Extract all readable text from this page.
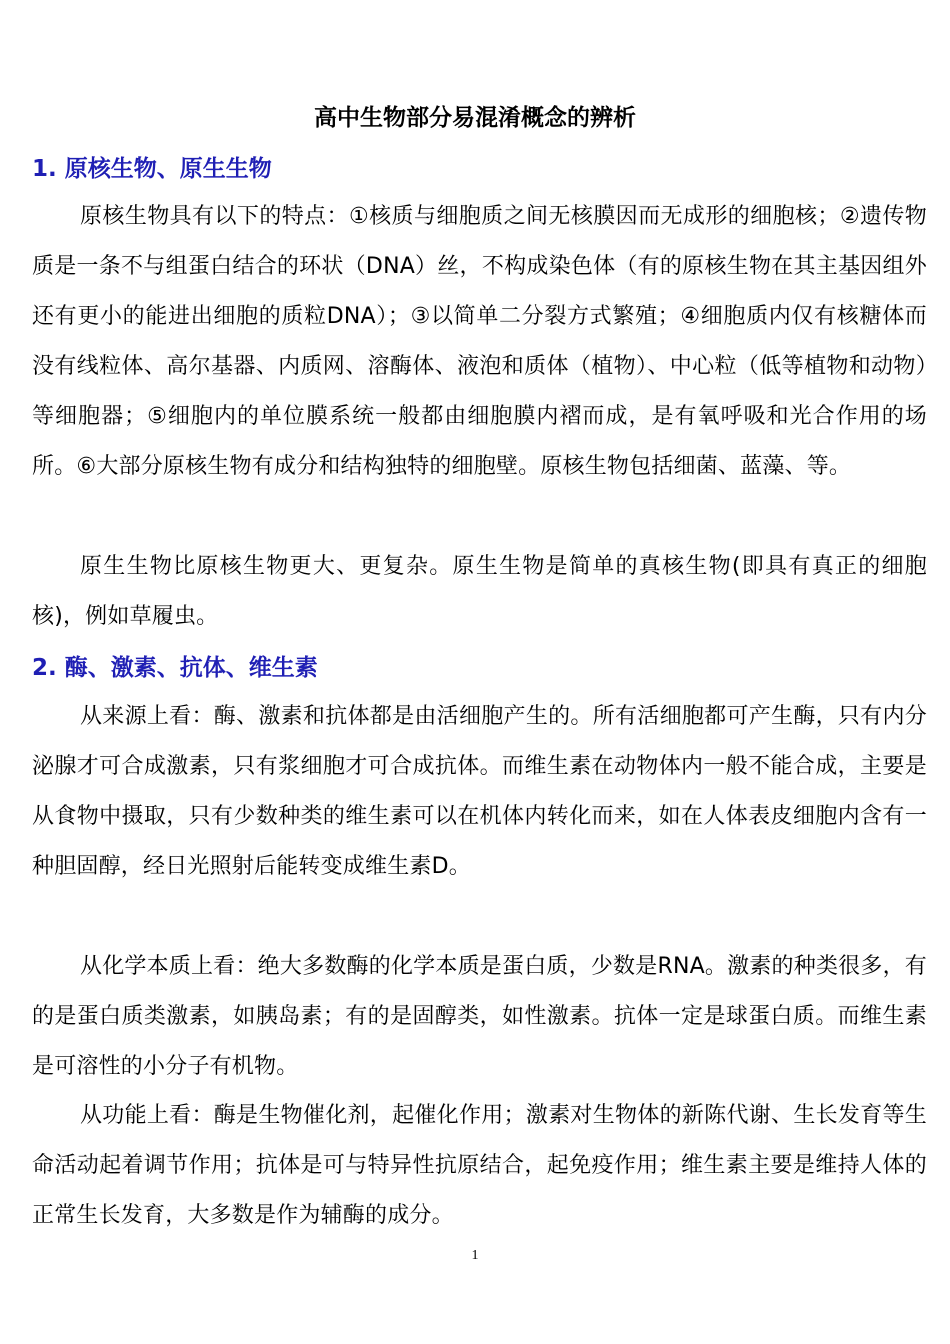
高中生物部分易混淆概念的辨析
1. 原核生物、原生生物

原核生物具有以下的特点：①核质与细胞质之间无核膜因而无成形的细胞核；②遗传物质是一条不与组蛋白结合的环状（DNA）丝，不构成染色体（有的原核生物在其主基因组外还有更小的能进出细胞的质粒DNA）；③以简单二分裂方式繁殖；④细胞质内仅有核糖体而没有线粒体、高尔基器、内质网、溶酶体、液泡和质体（植物）、中心粒（低等植物和动物）等细胞器；⑤细胞内的单位膜系统一般都由细胞膜内褶而成，是有氧呼吸和光合作用的场所。⑥大部分原核生物有成分和结构独特的细胞壁。原核生物包括细菌、蓝藻、等。

原生生物比原核生物更大、更复杂。原生生物是简单的真核生物(即具有真正的细胞核)，例如草履虫。

2. 酶、激素、抗体、维生素

从来源上看：酶、激素和抗体都是由活细胞产生的。所有活细胞都可产生酶，只有内分泌腺才可合成激素，只有浆细胞才可合成抗体。而维生素在动物体内一般不能合成，主要是从食物中摄取，只有少数种类的维生素可以在机体内转化而来，如在人体表皮细胞内含有一种胆固醇，经日光照射后能转变成维生素D。

从化学本质上看：绝大多数酶的化学本质是蛋白质，少数是RNA。激素的种类很多，有的是蛋白质类激素，如胰岛素；有的是固醇类，如性激素。抗体一定是球蛋白质。而维生素是可溶性的小分子有机物。

从功能上看：酶是生物催化剂，起催化作用；激素对生物体的新陈代谢、生长发育等生命活动起着调节作用；抗体是可与特异性抗原结合，起免疫作用；维生素主要是维持人体的正常生长发育，大多数是作为辅酶的成分。

1
